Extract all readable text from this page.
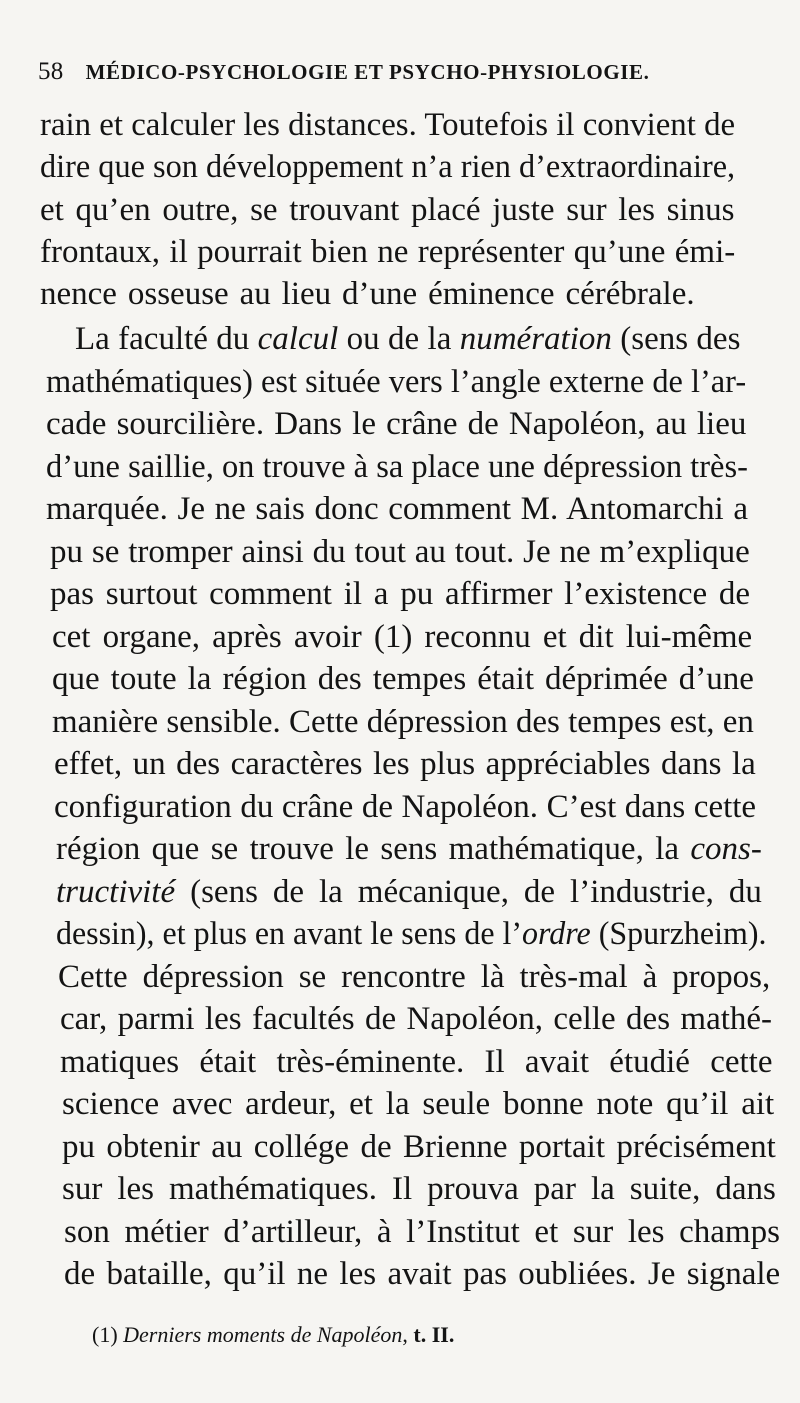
58 MÉDICO-PSYCHOLOGIE ET PSYCHO-PHYSIOLOGIE.
rain et calculer les distances. Toutefois il convient de
dire que son développement n’a rien d’extraordinaire,
et qu’en outre, se trouvant placé juste sur les sinus
frontaux, il pourrait bien ne représenter qu’une émi-
nence osseuse au lieu d’une éminence cérébrale.
La faculté du calcul ou de la numération (sens des
mathématiques) est située vers l’angle externe de l’ar-
cade sourcilière. Dans le crâne de Napoléon, au lieu
d’une saillie, on trouve à sa place une dépression très-
marquée. Je ne sais donc comment M. Antomarchi a
pu se tromper ainsi du tout au tout. Je ne m’explique
pas surtout comment il a pu affirmer l’existence de
cet organe, après avoir (1) reconnu et dit lui-même
que toute la région des tempes était déprimée d’une
manière sensible. Cette dépression des tempes est, en
effet, un des caractères les plus appréciables dans la
configuration du crâne de Napoléon. C’est dans cette
région que se trouve le sens mathématique, la cons-
tructivité (sens de la mécanique, de l’industrie, du
dessin), et plus en avant le sens de l’ordre (Spurzheim).
Cette dépression se rencontre là très-mal à propos,
car, parmi les facultés de Napoléon, celle des mathé-
matiques était très-éminente. Il avait étudié cette
science avec ardeur, et la seule bonne note qu’il ait
pu obtenir au collége de Brienne portait précisément
sur les mathématiques. Il prouva par la suite, dans
son métier d’artilleur, à l’Institut et sur les champs
de bataille, qu’il ne les avait pas oubliées. Je signale
(1) Derniers moments de Napoléon, t. II.
